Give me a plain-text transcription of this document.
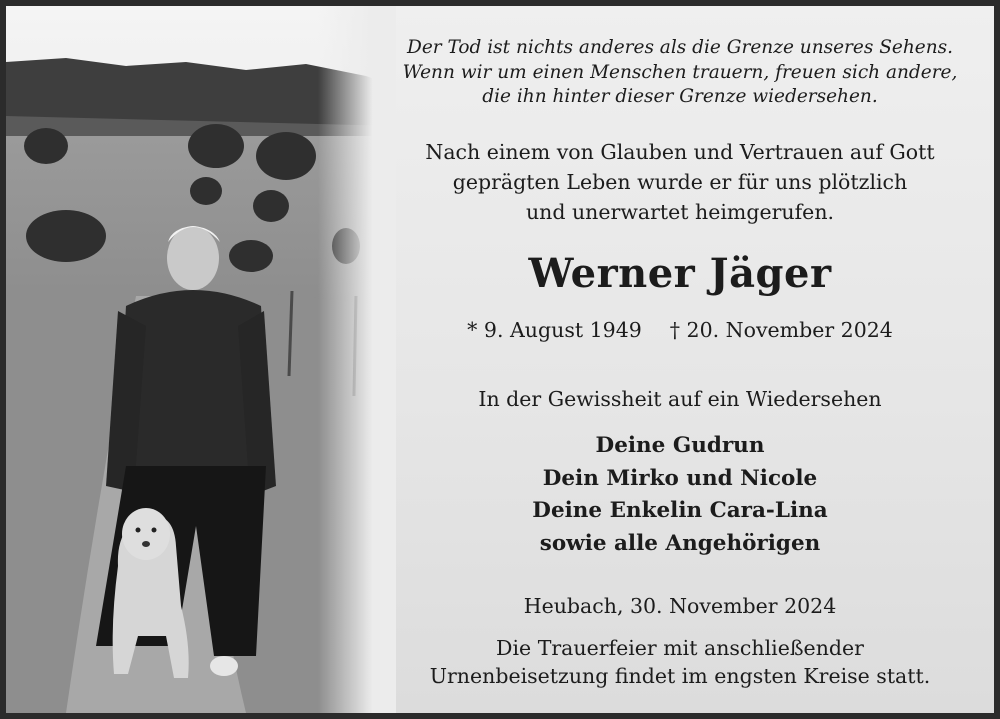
Der Tod ist nichts anderes als die Grenze unseres Sehens.
Wenn wir um einen Menschen trauern, freuen sich andere,
die ihn hinter dieser Grenze wiedersehen.
Nach einem von Glauben und Vertrauen auf Gott
geprägten Leben wurde er für uns plötzlich
und unerwartet heimgerufen.
Werner Jäger
* 9. August 1949 † 20. November 2024
In der Gewissheit auf ein Wiedersehen
Deine Gudrun
Dein Mirko und Nicole
Deine Enkelin Cara-Lina
sowie alle Angehörigen
Heubach, 30. November 2024
Die Trauerfeier mit anschließender
Urnenbeisetzung findet im engsten Kreise statt.
